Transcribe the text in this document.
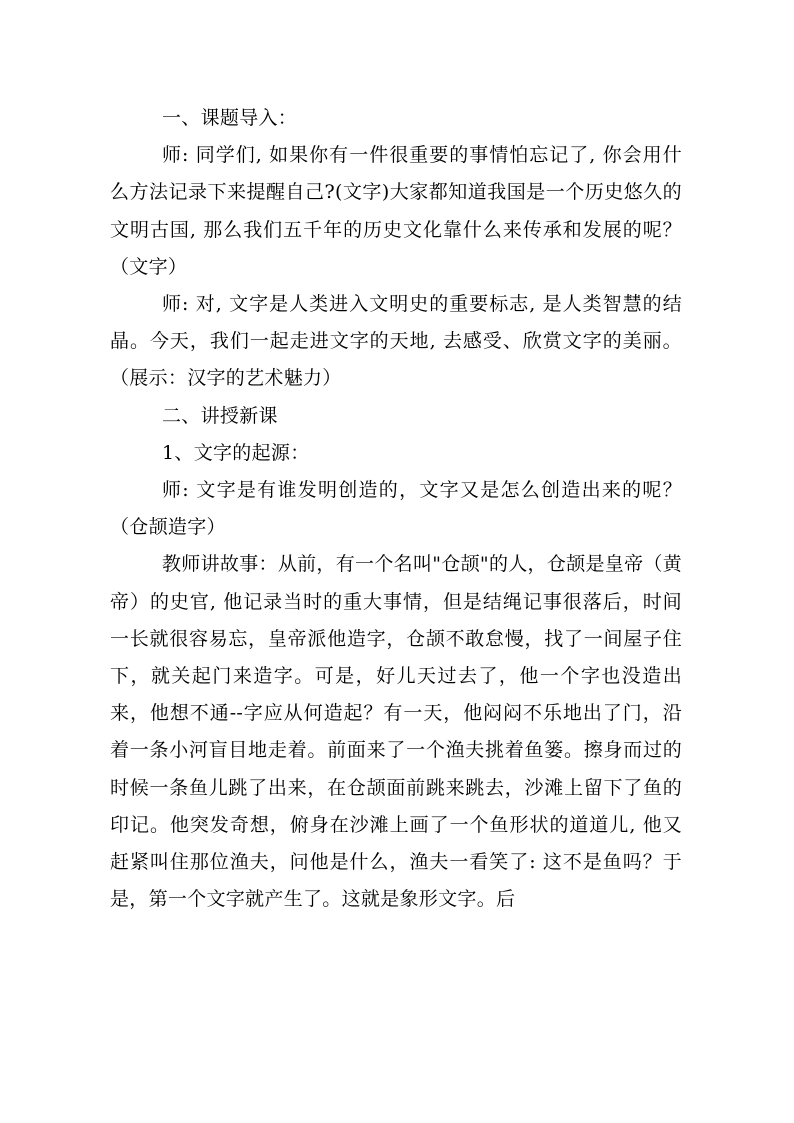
一、课题导入：

师: 同学们, 如果你有一件很重要的事情怕忘记了, 你会用什么方法记录下来提醒自己?(文字)大家都知道我国是一个历史悠久的文明古国, 那么我们五千年的历史文化靠什么来传承和发展的呢？（文字）

师: 对, 文字是人类进入文明史的重要标志, 是人类智慧的结晶。今天，我们一起走进文字的天地, 去感受、欣赏文字的美丽。（展示：汉字的艺术魅力）

二、讲授新课

1、文字的起源：

师: 文字是有谁发明创造的，文字又是怎么创造出来的呢？（仓颉造字）

教师讲故事：从前，有一个名叫"仓颉"的人，仓颉是皇帝（黄帝）的史官, 他记录当时的重大事情，但是结绳记事很落后，时间一长就很容易忘，皇帝派他造字，仓颉不敢怠慢，找了一间屋子住下，就关起门来造字。可是，好儿天过去了，他一个字也没造出来，他想不通--字应从何造起？有一天，他闷闷不乐地出了门，沿着一条小河盲目地走着。前面来了一个渔夫挑着鱼篓。擦身而过的时候一条鱼儿跳了出来，在仓颉面前跳来跳去，沙滩上留下了鱼的印记。他突发奇想，俯身在沙滩上画了一个鱼形状的道道儿, 他又赶紧叫住那位渔夫，问他是什么，渔夫一看笑了: 这不是鱼吗？于是，第一个文字就产生了。这就是象形文字。后
